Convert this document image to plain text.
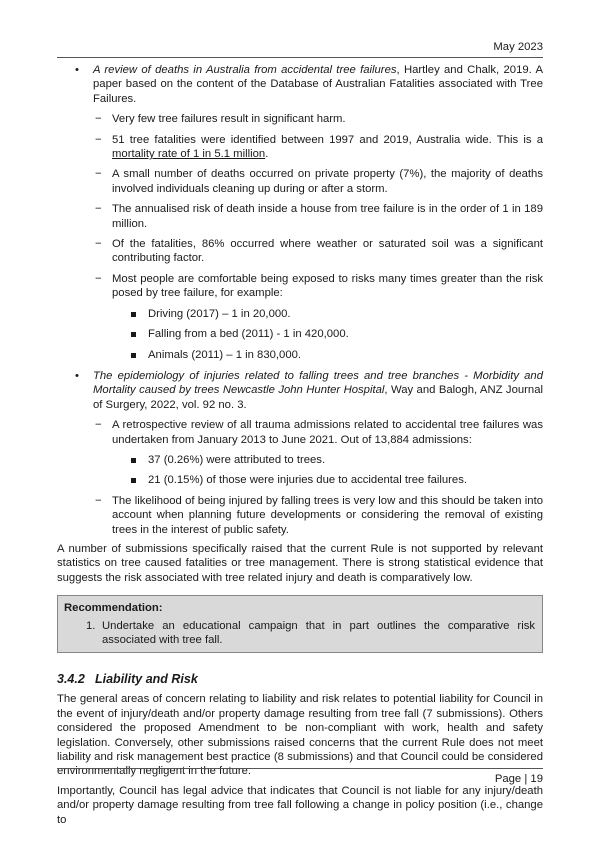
May 2023
• A review of deaths in Australia from accidental tree failures, Hartley and Chalk, 2019. A paper based on the content of the Database of Australian Fatalities associated with Tree Failures.

− Very few tree failures result in significant harm.

− 51 tree fatalities were identified between 1997 and 2019, Australia wide. This is a mortality rate of 1 in 5.1 million.

− A small number of deaths occurred on private property (7%), the majority of deaths involved individuals cleaning up during or after a storm.

− The annualised risk of death inside a house from tree failure is in the order of 1 in 189 million.

− Of the fatalities, 86% occurred where weather or saturated soil was a significant contributing factor.

− Most people are comfortable being exposed to risks many times greater than the risk posed by tree failure, for example:

Driving (2017) – 1 in 20,000.

Falling from a bed (2011) - 1 in 420,000.

Animals (2011) – 1 in 830,000.

• The epidemiology of injuries related to falling trees and tree branches - Morbidity and Mortality caused by trees Newcastle John Hunter Hospital, Way and Balogh, ANZ Journal of Surgery, 2022, vol. 92 no. 3.

− A retrospective review of all trauma admissions related to accidental tree failures was undertaken from January 2013 to June 2021. Out of 13,884 admissions:

37 (0.26%) were attributed to trees.

21 (0.15%) of those were injuries due to accidental tree failures.

− The likelihood of being injured by falling trees is very low and this should be taken into account when planning future developments or considering the removal of existing trees in the interest of public safety.

A number of submissions specifically raised that the current Rule is not supported by relevant statistics on tree caused fatalities or tree management. There is strong statistical evidence that suggests the risk associated with tree related injury and death is comparatively low.

Recommendation:
1. Undertake an educational campaign that in part outlines the comparative risk associated with tree fall.
3.4.2 Liability and Risk

The general areas of concern relating to liability and risk relates to potential liability for Council in the event of injury/death and/or property damage resulting from tree fall (7 submissions). Others considered the proposed Amendment to be non-compliant with work, health and safety legislation. Conversely, other submissions raised concerns that the current Rule does not meet liability and risk management best practice (8 submissions) and that Council could be considered environmentally negligent in the future.

Importantly, Council has legal advice that indicates that Council is not liable for any injury/death and/or property damage resulting from tree fall following a change in policy position (i.e., change to

Page | 19
